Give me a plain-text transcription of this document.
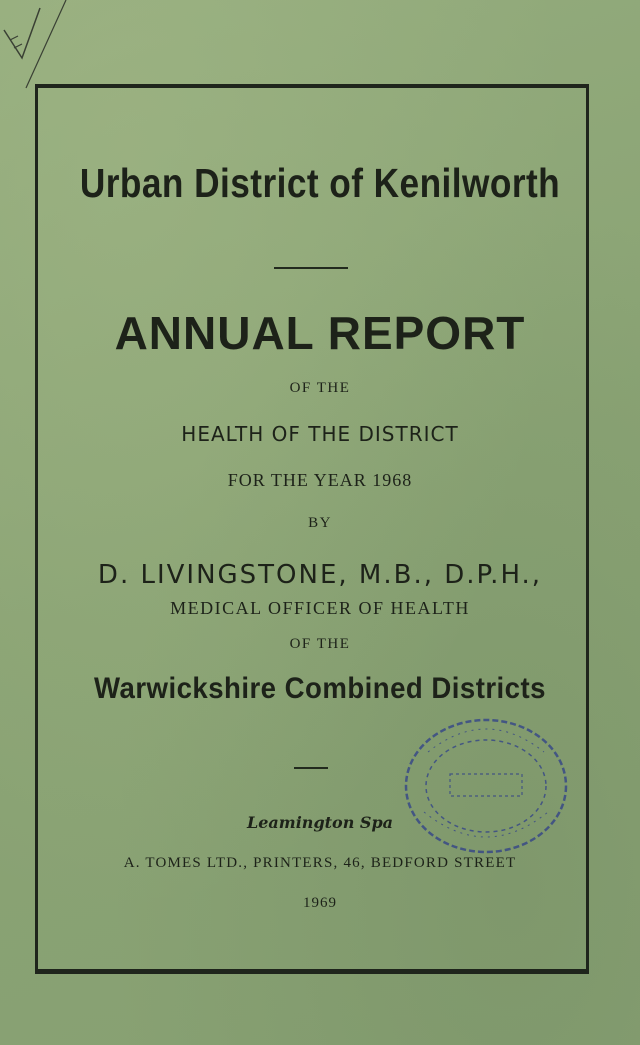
Urban District of Kenilworth
ANNUAL REPORT
OF THE
HEALTH OF THE DISTRICT
FOR THE YEAR 1968
BY
D. LIVINGSTONE, M.B., D.P.H.,
MEDICAL OFFICER OF HEALTH
OF THE
Warwickshire Combined Districts
Leamington Spa
A. TOMES LTD., PRINTERS, 46, BEDFORD STREET
1969
